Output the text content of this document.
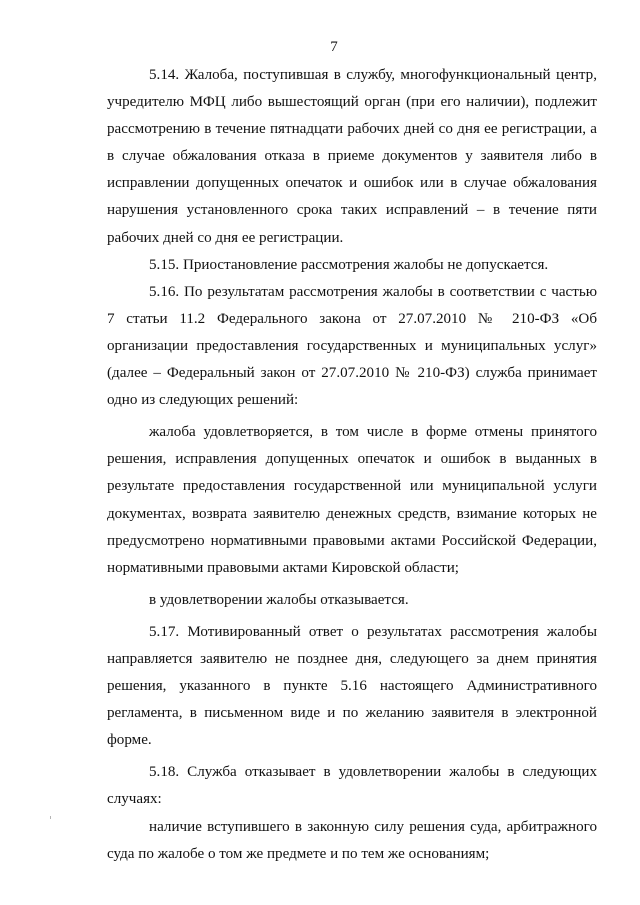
7

5.14. Жалоба, поступившая в службу, многофункциональный центр, учредителю МФЦ либо вышестоящий орган (при его наличии), подлежит рассмотрению в течение пятнадцати рабочих дней со дня ее регистрации, а в случае обжалования отказа в приеме документов у заявителя либо в исправлении допущенных опечаток и ошибок или в случае обжалования нарушения установленного срока таких исправлений – в течение пяти рабочих дней со дня ее регистрации.

5.15. Приостановление рассмотрения жалобы не допускается.

5.16. По результатам рассмотрения жалобы в соответствии с частью 7 статьи 11.2 Федерального закона от 27.07.2010 № 210-ФЗ «Об организации предоставления государственных и муниципальных услуг» (далее – Федеральный закон от 27.07.2010 № 210-ФЗ) служба принимает одно из следующих решений:

жалоба удовлетворяется, в том числе в форме отмены принятого решения, исправления допущенных опечаток и ошибок в выданных в результате предоставления государственной или муниципальной услуги документах, возврата заявителю денежных средств, взимание которых не предусмотрено нормативными правовыми актами Российской Федерации, нормативными правовыми актами Кировской области;

в удовлетворении жалобы отказывается.

5.17. Мотивированный ответ о результатах рассмотрения жалобы направляется заявителю не позднее дня, следующего за днем принятия решения, указанного в пункте 5.16 настоящего Административного регламента, в письменном виде и по желанию заявителя в электронной форме.

5.18. Служба отказывает в удовлетворении жалобы в следующих случаях:

наличие вступившего в законную силу решения суда, арбитражного суда по жалобе о том же предмете и по тем же основаниям;
